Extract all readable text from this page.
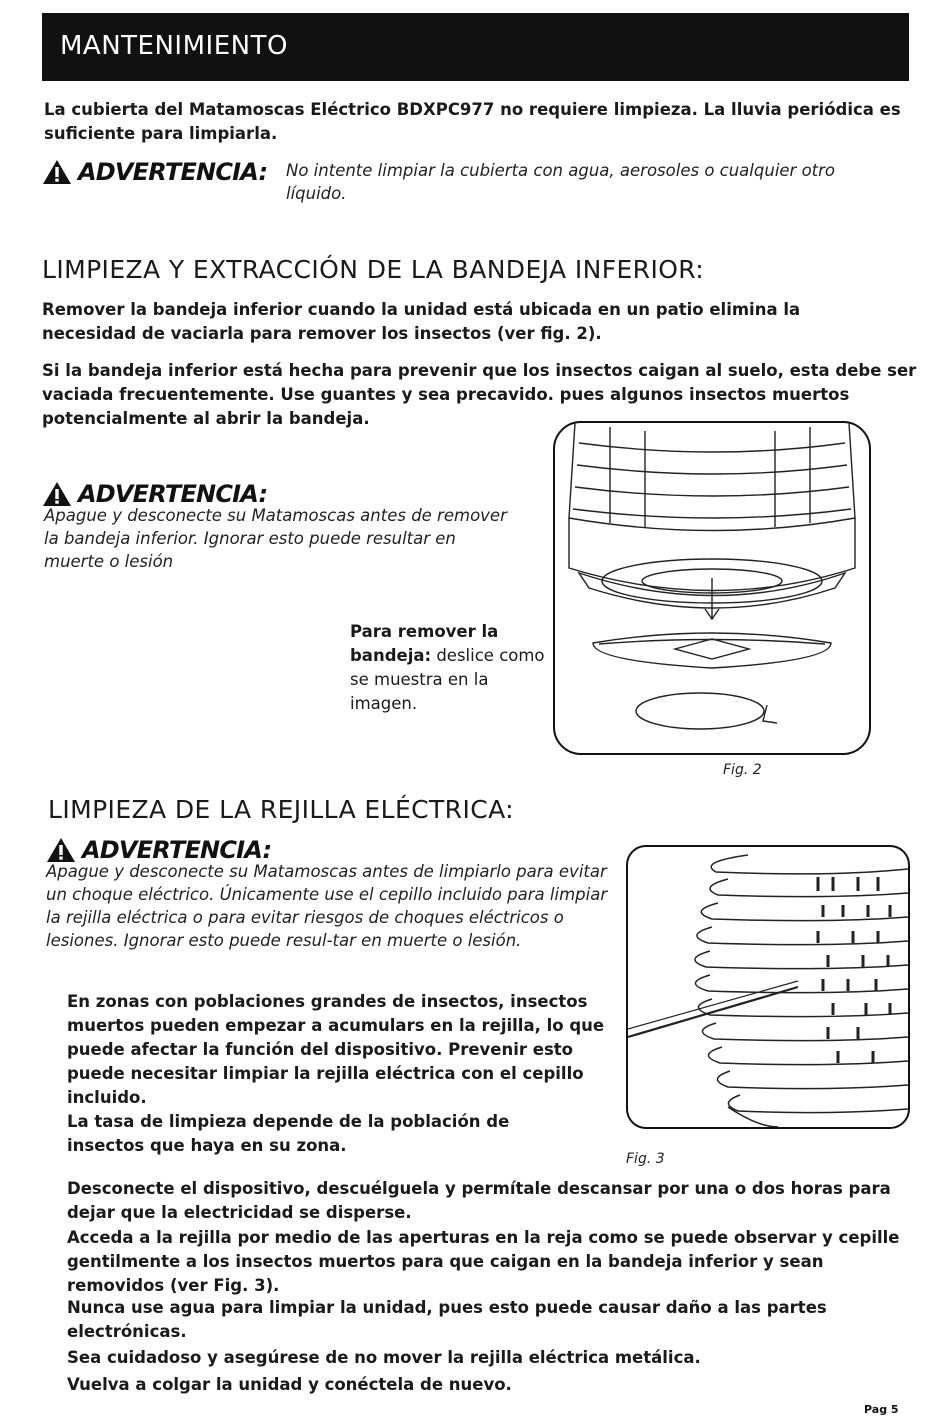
MANTENIMIENTO
La cubierta del Matamoscas Eléctrico BDXPC977 no requiere limpieza. La lluvia periódica es suficiente para limpiarla.
ADVERTENCIA: No intente limpiar la cubierta con agua, aerosoles o cualquier otro líquido.
LIMPIEZA Y EXTRACCIÓN DE LA BANDEJA INFERIOR:
Remover la bandeja inferior cuando la unidad está ubicada en un patio elimina la necesidad de vaciarla para remover los insectos (ver fig. 2).
Si la bandeja inferior está hecha para prevenir que los insectos caigan al suelo, esta debe ser vaciada frecuentemente. Use guantes y sea precavido. pues algunos insectos muertos potencialmente al abrir la bandeja.
ADVERTENCIA:
Apague y desconecte su Matamoscas antes de remover la bandeja inferior. Ignorar esto puede resultar en muerte o lesión
Para remover la bandeja: deslice como se muestra en la imagen.
Fig. 2
LIMPIEZA DE LA REJILLA ELÉCTRICA:
ADVERTENCIA:
Apague y desconecte su Matamoscas antes de limpiarlo para evitar un choque eléctrico. Únicamente use el cepillo incluido para limpiar la rejilla eléctrica o para evitar riesgos de choques eléctricos o lesiones. Ignorar esto puede resul-tar en muerte o lesión.
En zonas con poblaciones grandes de insectos, insectos muertos pueden empezar a acumulars en la rejilla, lo que puede afectar la función del dispositivo. Prevenir esto puede necesitar limpiar la rejilla eléctrica con el cepillo incluido.
La tasa de limpieza depende de la población de insectos que haya en su zona.
Fig. 3
Desconecte el dispositivo, descuélguela y permítale descansar por una o dos horas para dejar que la electricidad se disperse.
Acceda a la rejilla por medio de las aperturas en la reja como se puede observar y cepille gentilmente a los insectos muertos para que caigan en la bandeja inferior y sean removidos (ver Fig. 3).
Nunca use agua para limpiar la unidad, pues esto puede causar daño a las partes electrónicas.
Sea cuidadoso y asegúrese de no mover la rejilla eléctrica metálica.
Vuelva a colgar la unidad y conéctela de nuevo.
Pag 5
